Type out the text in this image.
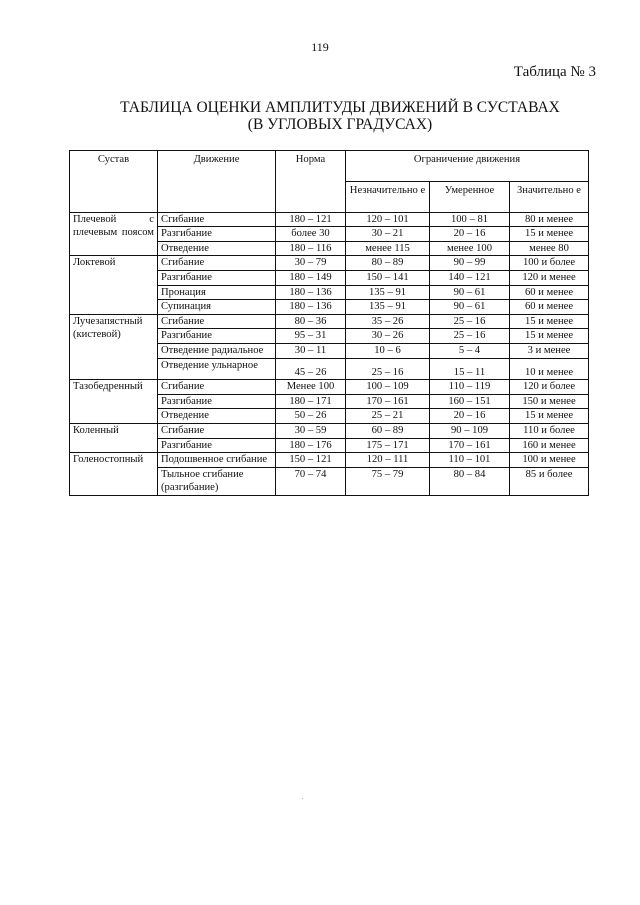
119
Таблица № 3
ТАБЛИЦА ОЦЕНКИ АМПЛИТУДЫ ДВИЖЕНИЙ В СУСТАВАХ
(В УГЛОВЫХ ГРАДУСАХ)
Сустав	Движение	Норма	Ограничение движения		

			Незначительно е	Умеренное	Значительно е

Плечевой с плечевым поясом	Сгибание	180 – 121	120 – 101	100 – 81	80 и менее
	Разгибание	более 30	30 – 21	20 – 16	15 и менее
	Отведение	180 – 116	менее 115	менее 100	менее 80
Локтевой	Сгибание	30 – 79	80 – 89	90 – 99	100 и более
	Разгибание	180 – 149	150 – 141	140 – 121	120 и менее
	Пронация	180 – 136	135 – 91	90 – 61	60 и менее
	Супинация	180 – 136	135 – 91	90 – 61	60 и менее
Лучезапястный (кистевой)	Сгибание	80 – 36	35 – 26	25 – 16	15 и менее
	Разгибание	95 – 31	30 – 26	25 – 16	15 и менее
	Отведение радиальное	30 – 11	10 – 6	5 – 4	3 и менее
	Отведение ульнарное	45 – 26	25 – 16	15 – 11	10 и менее
Тазобедренный	Сгибание	Менее 100	100 – 109	110 – 119	120 и более
	Разгибание	180 – 171	170 – 161	160 – 151	150 и менее
	Отведение	50 – 26	25 – 21	20 – 16	15 и менее
Коленный	Сгибание	30 – 59	60 – 89	90 – 109	110 и более
	Разгибание	180 – 176	175 – 171	170 – 161	160 и менее
Голеностопный	Подошвенное сгибание	150 – 121	120 – 111	110 – 101	100 и менее

	Тыльное сгибание (разгибание)	70 – 74	75 – 79	80 – 84	85 и более
